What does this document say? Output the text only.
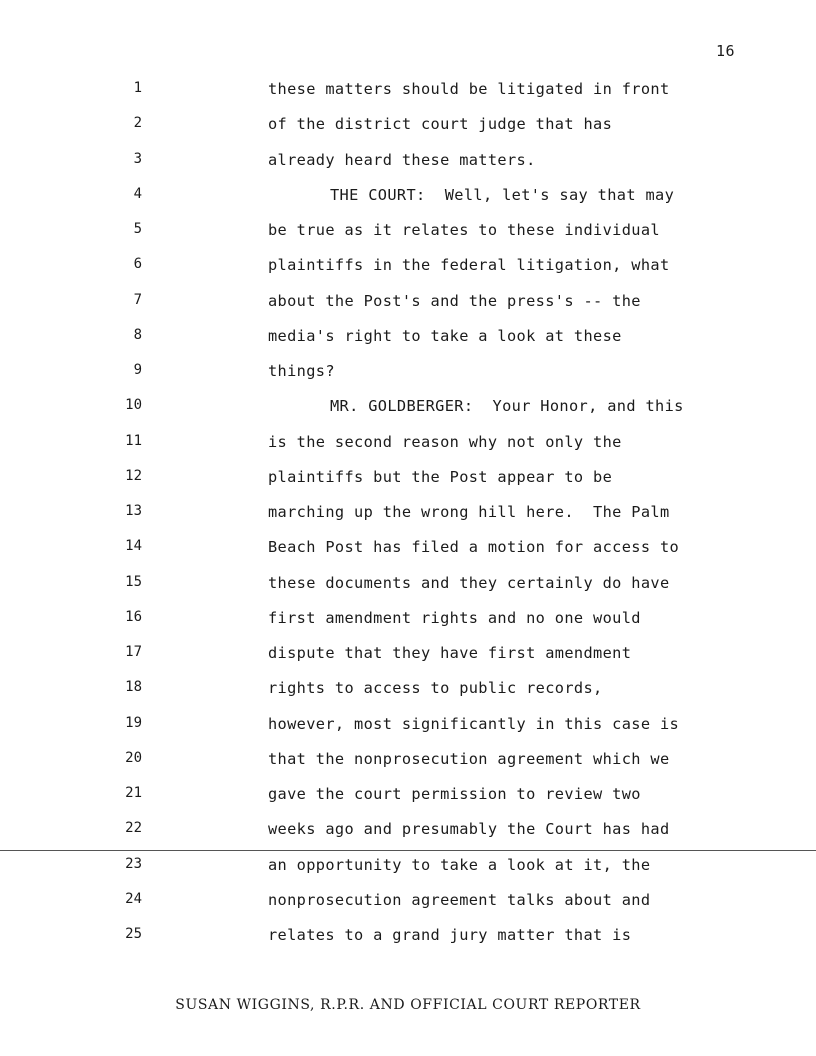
16
1	these matters should be litigated in front
2	of the district court judge that has
3	already heard these matters.
4	THE COURT:  Well, let's say that may
5	be true as it relates to these individual
6	plaintiffs in the federal litigation, what
7	about the Post's and the press's -- the
8	media's right to take a look at these
9	things?
10	MR. GOLDBERGER:  Your Honor, and this
11	is the second reason why not only the
12	plaintiffs but the Post appear to be
13	marching up the wrong hill here.  The Palm
14	Beach Post has filed a motion for access to
15	these documents and they certainly do have
16	first amendment rights and no one would
17	dispute that they have first amendment
18	rights to access to public records,
19	however, most significantly in this case is
20	that the nonprosecution agreement which we
21	gave the court permission to review two
22	weeks ago and presumably the Court has had
23	an opportunity to take a look at it, the
24	nonprosecution agreement talks about and
25	relates to a grand jury matter that is
SUSAN WIGGINS, R.P.R. AND OFFICIAL COURT REPORTER
